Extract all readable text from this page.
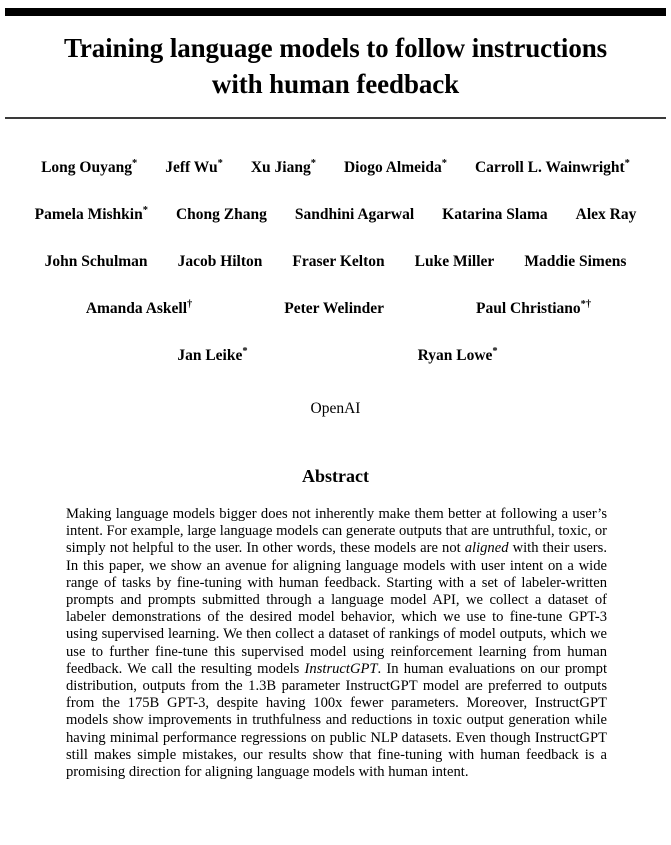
Training language models to follow instructions
with human feedback
Long Ouyang* Jeff Wu* Xu Jiang* Diogo Almeida* Carroll L. Wainwright*
Pamela Mishkin* Chong Zhang Sandhini Agarwal Katarina Slama Alex Ray
John Schulman Jacob Hilton Fraser Kelton Luke Miller Maddie Simens
Amanda Askell†	Peter Welinder	Paul Christiano*†
Jan Leike*	Ryan Lowe*
OpenAI
Abstract
Making language models bigger does not inherently make them better at following a user’s intent. For example, large language models can generate outputs that are untruthful, toxic, or simply not helpful to the user. In other words, these models are not aligned with their users. In this paper, we show an avenue for aligning language models with user intent on a wide range of tasks by fine-tuning with human feedback. Starting with a set of labeler-written prompts and prompts submitted through a language model API, we collect a dataset of labeler demonstrations of the desired model behavior, which we use to fine-tune GPT-3 using supervised learning. We then collect a dataset of rankings of model outputs, which we use to further fine-tune this supervised model using reinforcement learning from human feedback. We call the resulting models InstructGPT. In human evaluations on our prompt distribution, outputs from the 1.3B parameter InstructGPT model are preferred to outputs from the 175B GPT-3, despite having 100x fewer parameters. Moreover, InstructGPT models show improvements in truthfulness and reductions in toxic output generation while having minimal performance regressions on public NLP datasets. Even though InstructGPT still makes simple mistakes, our results show that fine-tuning with human feedback is a promising direction for aligning language models with human intent.
